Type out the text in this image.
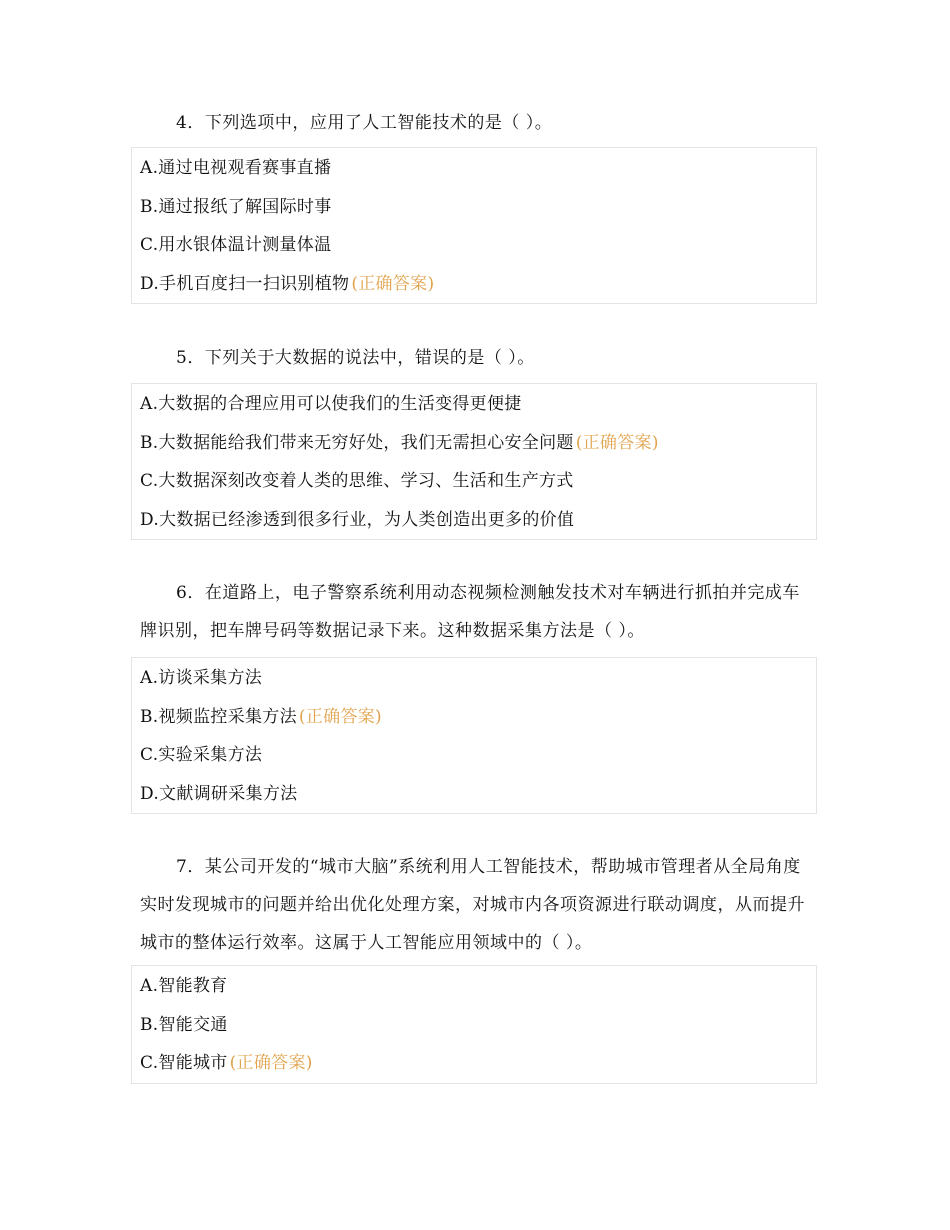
4．下列选项中，应用了人工智能技术的是（ ）。

A.通过电视观看赛事直播
B.通过报纸了解国际时事
C.用水银体温计测量体温
D.手机百度扫一扫识别植物 (正确答案)

5．下列关于大数据的说法中，错误的是（ ）。

A.大数据的合理应用可以使我们的生活变得更便捷
B.大数据能给我们带来无穷好处，我们无需担心安全问题 (正确答案)
C.大数据深刻改变着人类的思维、学习、生活和生产方式
D.大数据已经渗透到很多行业，为人类创造出更多的价值

6．在道路上，电子警察系统利用动态视频检测触发技术对车辆进行抓拍并完成车牌识别，把车牌号码等数据记录下来。这种数据采集方法是（ ）。

A.访谈采集方法
B.视频监控采集方法 (正确答案)
C.实验采集方法
D.文献调研采集方法

7．某公司开发的“城市大脑”系统利用人工智能技术，帮助城市管理者从全局角度实时发现城市的问题并给出优化处理方案，对城市内各项资源进行联动调度，从而提升城市的整体运行效率。这属于人工智能应用领域中的（ ）。

A.智能教育
B.智能交通
C.智能城市 (正确答案)
